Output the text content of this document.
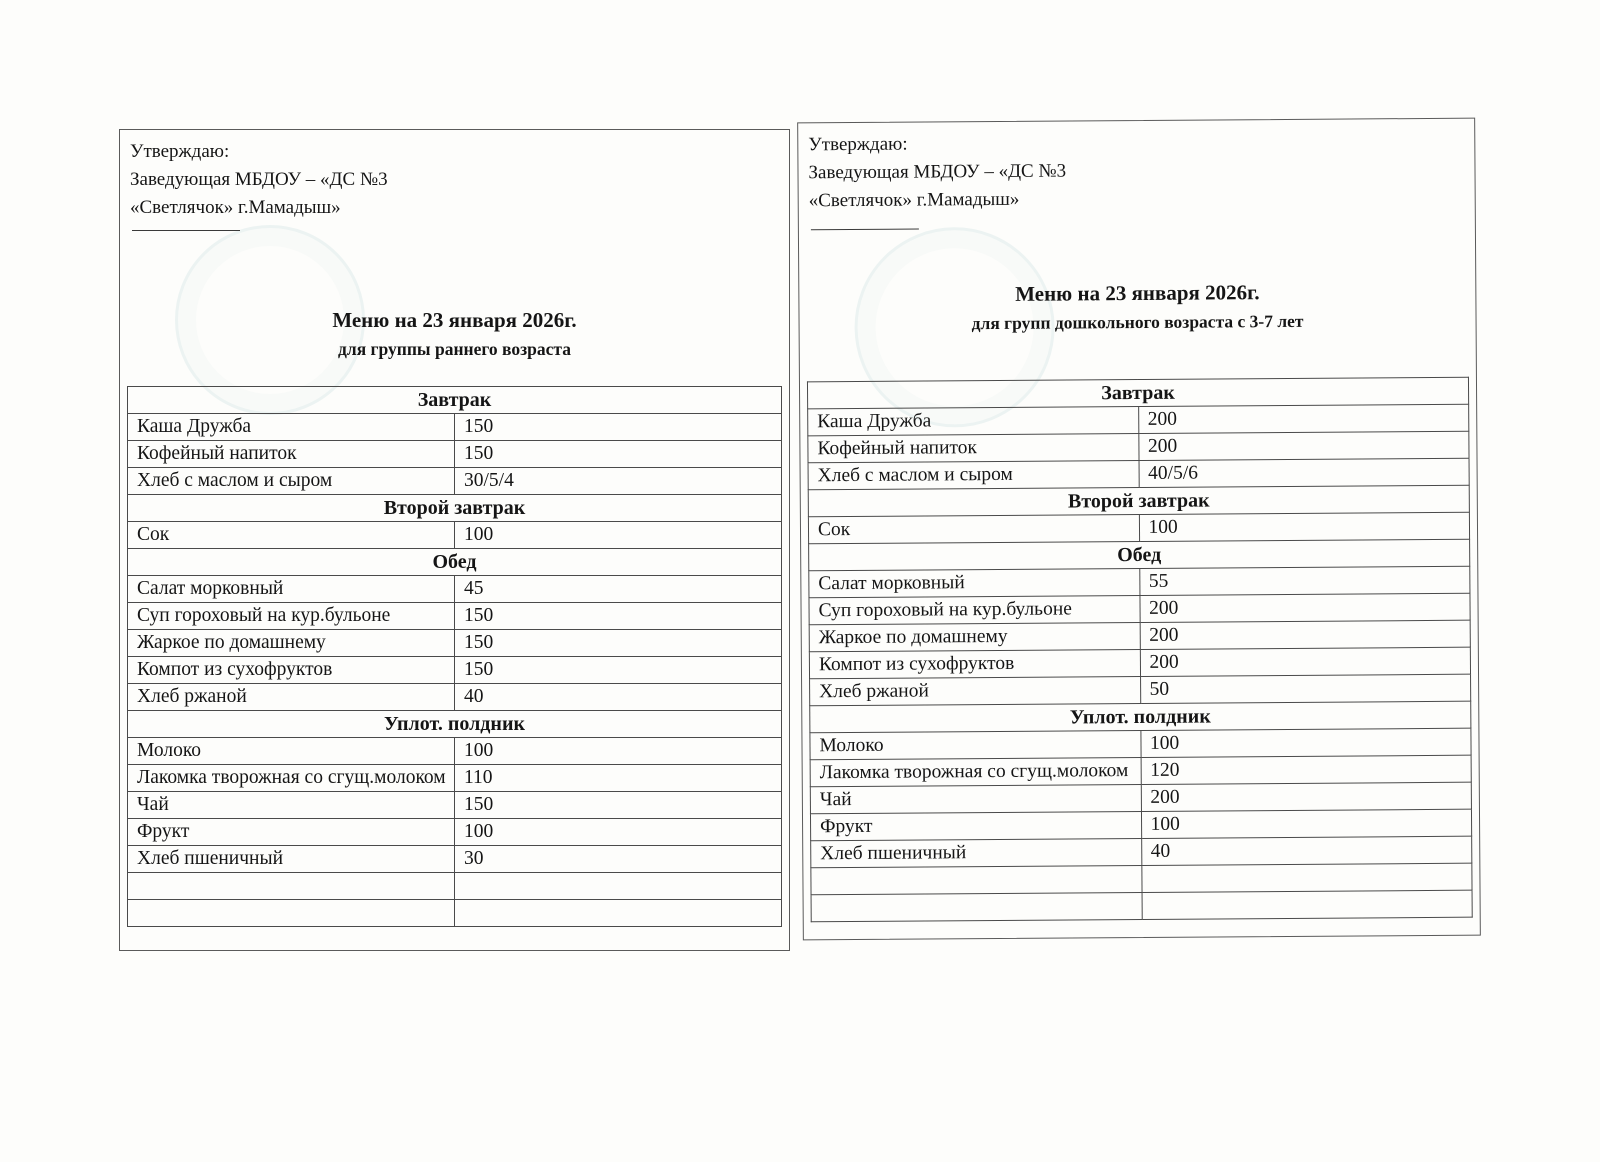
Утверждаю:
Заведующая МБДОУ – «ДС №3
«Светлячок» г.Мамадыш»
Меню на 23 января 2026г.
для группы раннего возраста
Завтрак	
Каша Дружба	150
Кофейный напиток	150
Хлеб с маслом и сыром	30/5/4
Второй завтрак	
Сок	100
Обед	
Салат морковный	45
Суп гороховый на кур.бульоне	150
Жаркое по домашнему	150
Компот из сухофруктов	150
Хлеб ржаной	40
Уплот. полдник	
Молоко	100
Лакомка творожная со сгущ.молоком	110
Чай	150
Фрукт	100
Хлеб пшеничный	30

Утверждаю:
Заведующая МБДОУ – «ДС №3
«Светлячок» г.Мамадыш»
Меню на 23 января 2026г.
для групп дошкольного возраста с 3-7 лет
Завтрак	
Каша Дружба	200
Кофейный напиток	200
Хлеб с маслом и сыром	40/5/6
Второй завтрак	
Сок	100
Обед	
Салат морковный	55
Суп гороховый на кур.бульоне	200
Жаркое по домашнему	200
Компот из сухофруктов	200
Хлеб ржаной	50
Уплот. полдник	
Молоко	100
Лакомка творожная со сгущ.молоком	120
Чай	200
Фрукт	100
Хлеб пшеничный	40
